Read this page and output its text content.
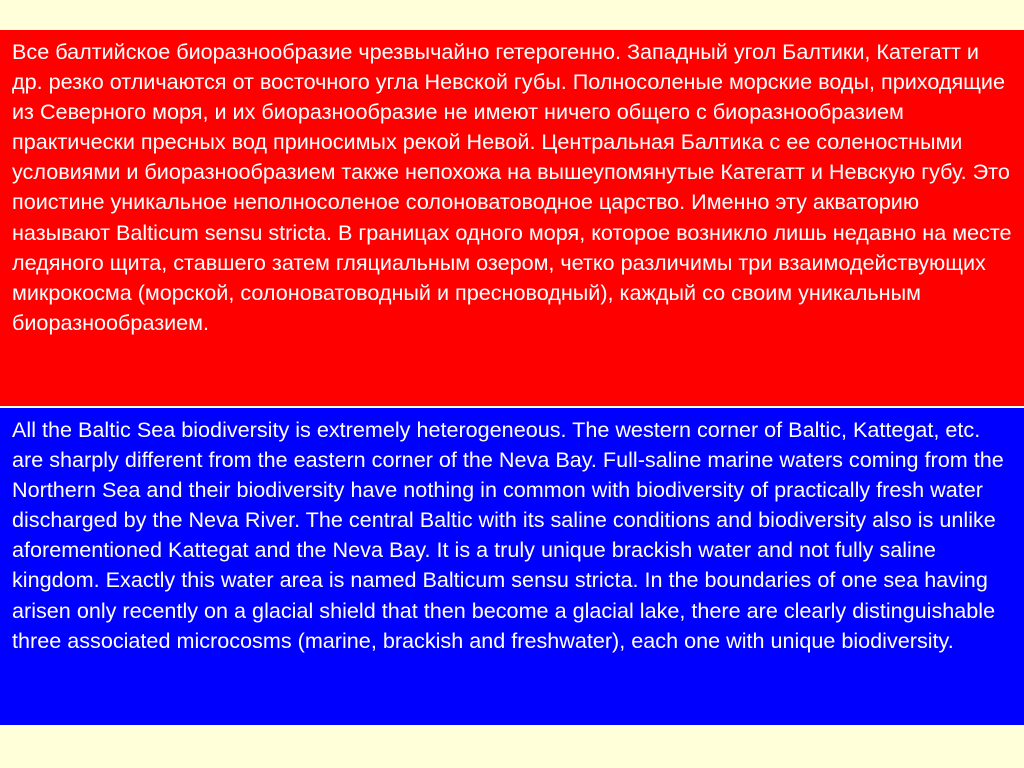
Все балтийское биоразнообразие чрезвычайно гетерогенно. Западный угол Балтики, Категатт и др. резко отличаются от восточного угла Невской губы. Полносоленые морские воды, приходящие из Северного моря, и их биоразнообразие не имеют ничего общего с биоразнообразием практически пресных вод приносимых рекой Невой. Центральная Балтика с ее соленостными условиями и биоразнообразием также непохожа на вышеупомянутые Категатт и Невскую губу. Это поистине уникальное неполносоленое солоноватоводное царство. Именно эту акваторию называют Balticum sensu stricta. В границах одного моря, которое возникло лишь недавно на месте ледяного щита, ставшего затем гляциальным озером, четко различимы три взаимодействующих микрокосма (морской, солоноватоводный и пресноводный), каждый со своим уникальным биоразнообразием.

All the Baltic Sea biodiversity is extremely heterogeneous. The western corner of Baltic, Kattegat, etc. are sharply different from the eastern corner of the Neva Bay. Full-saline marine waters coming from the Northern Sea and their biodiversity have nothing in common with biodiversity of practically fresh water discharged by the Neva River. The central Baltic with its saline conditions and biodiversity also is unlike aforementioned Kattegat and the Neva Bay. It is a truly unique brackish water and not fully saline kingdom. Exactly this water area is named Balticum sensu stricta. In the boundaries of one sea having arisen only recently on a glacial shield that then become a glacial lake, there are clearly distinguishable three associated microcosms (marine, brackish and freshwater), each one with unique biodiversity.
